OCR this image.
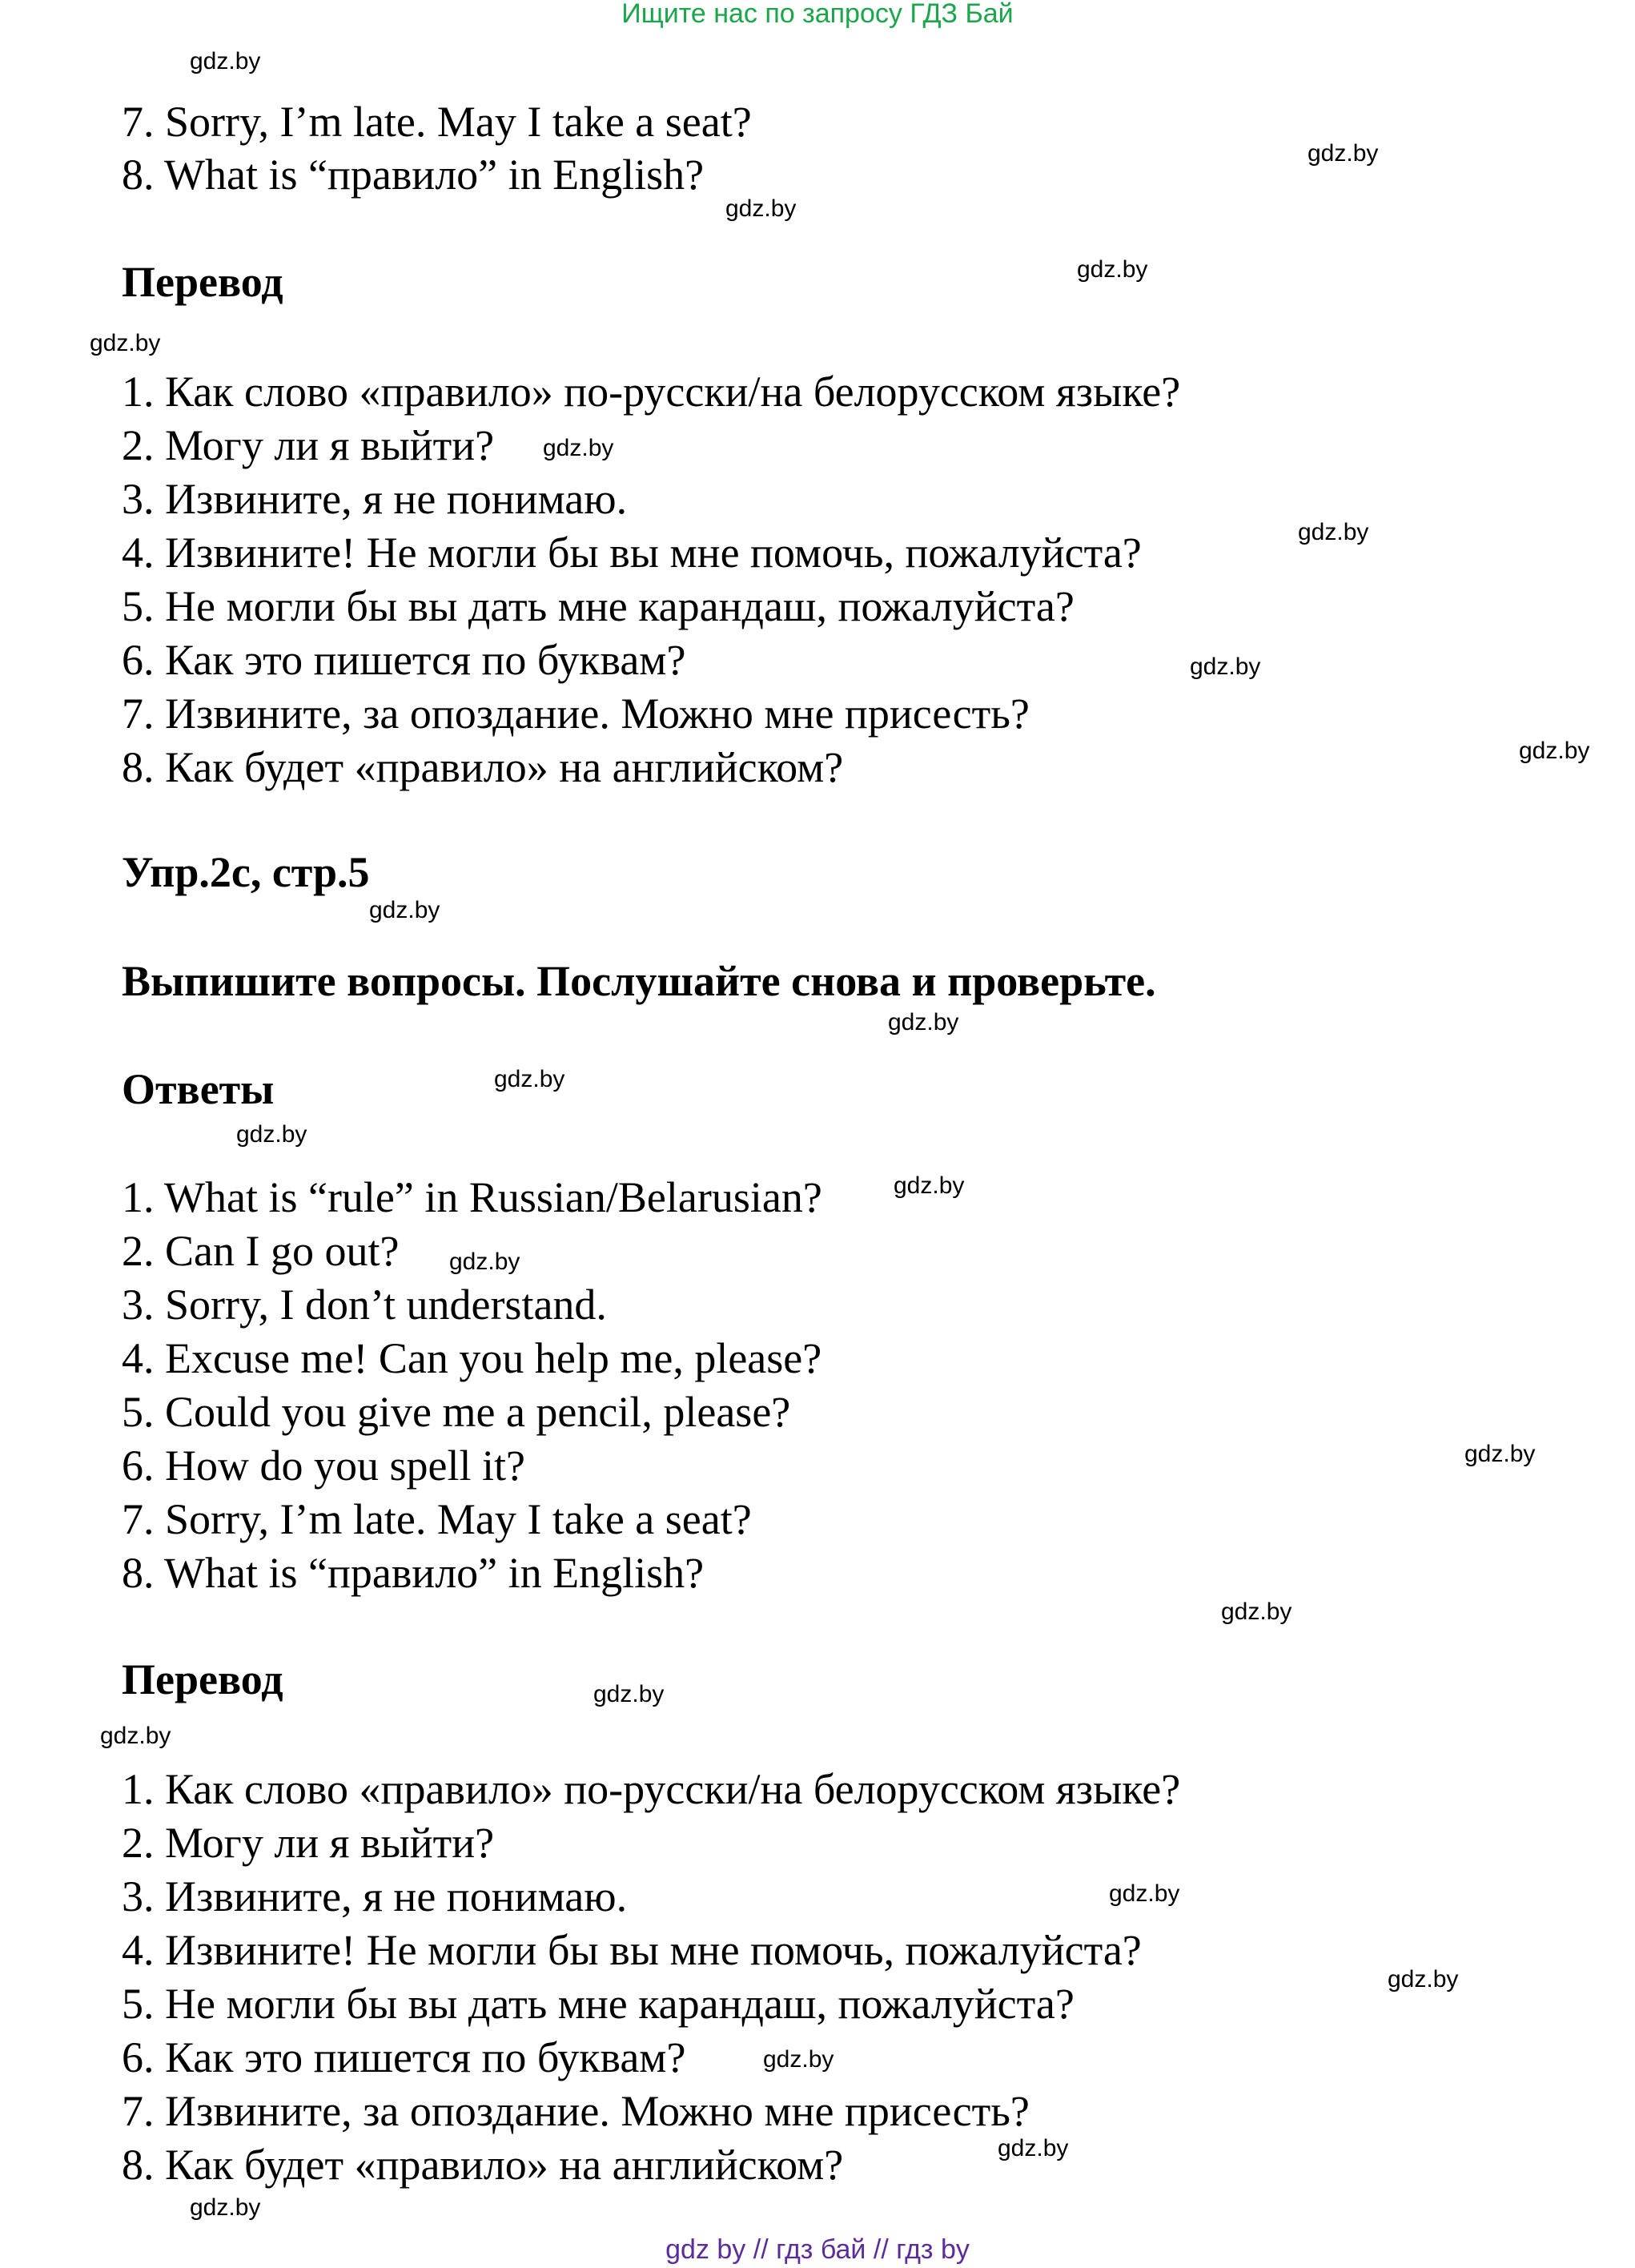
Ищите нас по запросу ГДЗ Бай
7. Sorry, I’m late. May I take a seat?
8. What is “правило” in English?
Перевод
1. Как слово «правило» по-русски/на белорусском языке?
2. Могу ли я выйти?
3. Извините, я не понимаю.
4. Извините! Не могли бы вы мне помочь, пожалуйста?
5. Не могли бы вы дать мне карандаш, пожалуйста?
6. Как это пишется по буквам?
7. Извините, за опоздание. Можно мне присесть?
8. Как будет «правило» на английском?
Упр.2с, стр.5
Выпишите вопросы. Послушайте снова и проверьте.
Ответы
1. What is “rule” in Russian/Belarusian?
2. Can I go out?
3. Sorry, I don’t understand.
4. Excuse me! Can you help me, please?
5. Could you give me a pencil, please?
6. How do you spell it?
7. Sorry, I’m late. May I take a seat?
8. What is “правило” in English?
Перевод
1. Как слово «правило» по-русски/на белорусском языке?
2. Могу ли я выйти?
3. Извините, я не понимаю.
4. Извините! Не могли бы вы мне помочь, пожалуйста?
5. Не могли бы вы дать мне карандаш, пожалуйста?
6. Как это пишется по буквам?
7. Извините, за опоздание. Можно мне присесть?
8. Как будет «правило» на английском?
gdz.by
gdz.by
gdz.by
gdz.by
gdz.by
gdz.by
gdz.by
gdz.by
gdz.by
gdz.by
gdz.by
gdz.by
gdz.by
gdz.by
gdz.by
gdz.by
gdz.by
gdz.by
gdz.by
gdz.by
gdz.by
gdz.by
gdz.by
gdz.by
gdz by // гдз бай // гдз by
